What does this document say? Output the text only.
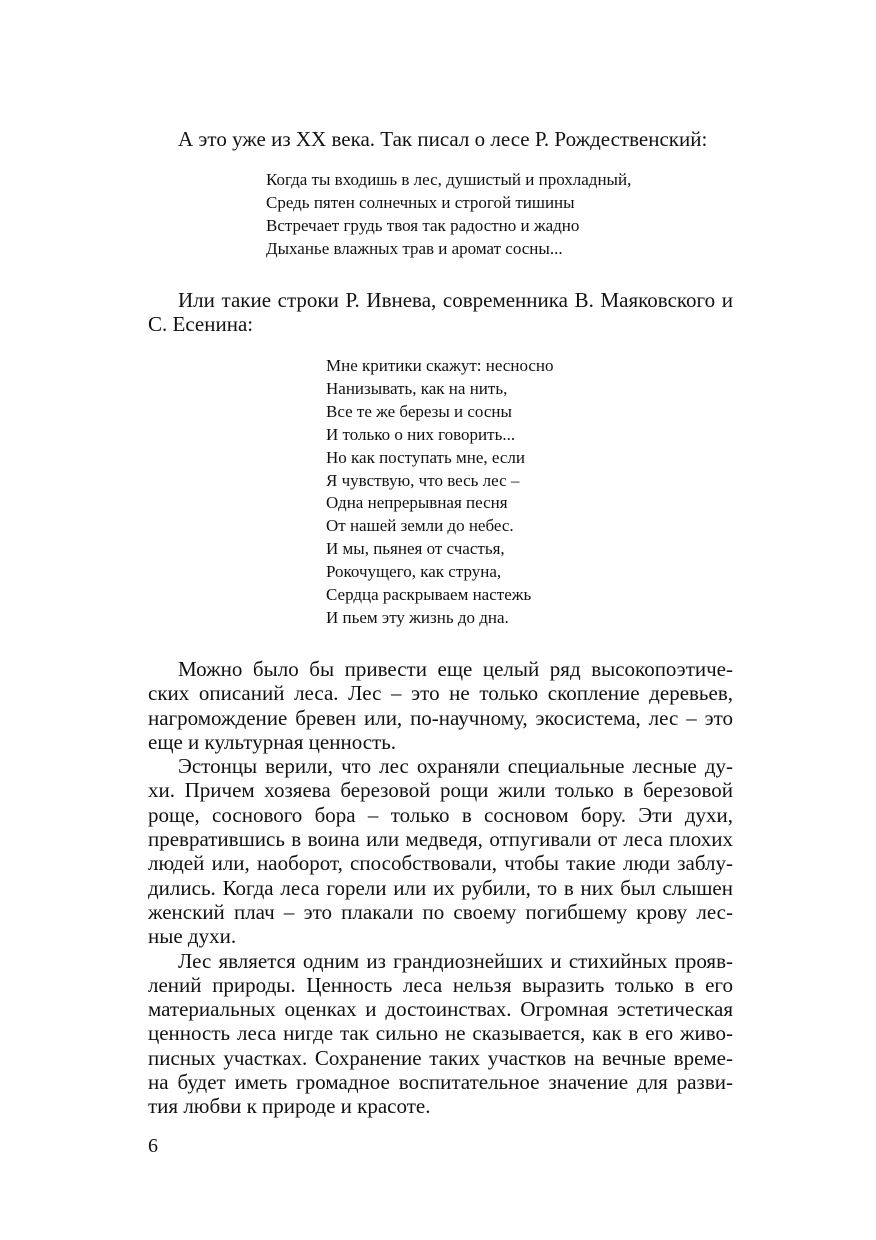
А это уже из XX века. Так писал о лесе Р. Рождественский:

Когда ты входишь в лес, душистый и прохладный,
Средь пятен солнечных и строгой тишины
Встречает грудь твоя так радостно и жадно
Дыханье влажных трав и аромат сосны...

Или такие строки Р. Ивнева, современника В. Маяковского и С. Есенина:

Мне критики скажут: несносно
Нанизывать, как на нить,
Все те же березы и сосны
И только о них говорить...
Но как поступать мне, если
Я чувствую, что весь лес –
Одна непрерывная песня
От нашей земли до небес.
И мы, пьянея от счастья,
Рокочущего, как струна,
Сердца раскрываем настежь
И пьем эту жизнь до дна.
Можно было бы привести еще целый ряд высокопоэтиче-
ских описаний леса. Лес – это не только скопление деревьев,
нагромождение бревен или, по-научному, экосистема, лес – это
еще и культурная ценность.
Эстонцы верили, что лес охраняли специальные лесные ду-
хи. Причем хозяева березовой рощи жили только в березовой
роще, соснового бора – только в сосновом бору. Эти духи,
превратившись в воина или медведя, отпугивали от леса плохих
людей или, наоборот, способствовали, чтобы такие люди заблу-
дились. Когда леса горели или их рубили, то в них был слышен
женский плач – это плакали по своему погибшему крову лес-
ные духи.
Лес является одним из грандиознейших и стихийных прояв-
лений природы. Ценность леса нельзя выразить только в его
материальных оценках и достоинствах. Огромная эстетическая
ценность леса нигде так сильно не сказывается, как в его живо-
писных участках. Сохранение таких участков на вечные време-
на будет иметь громадное воспитательное значение для разви-
тия любви к природе и красоте.
6
